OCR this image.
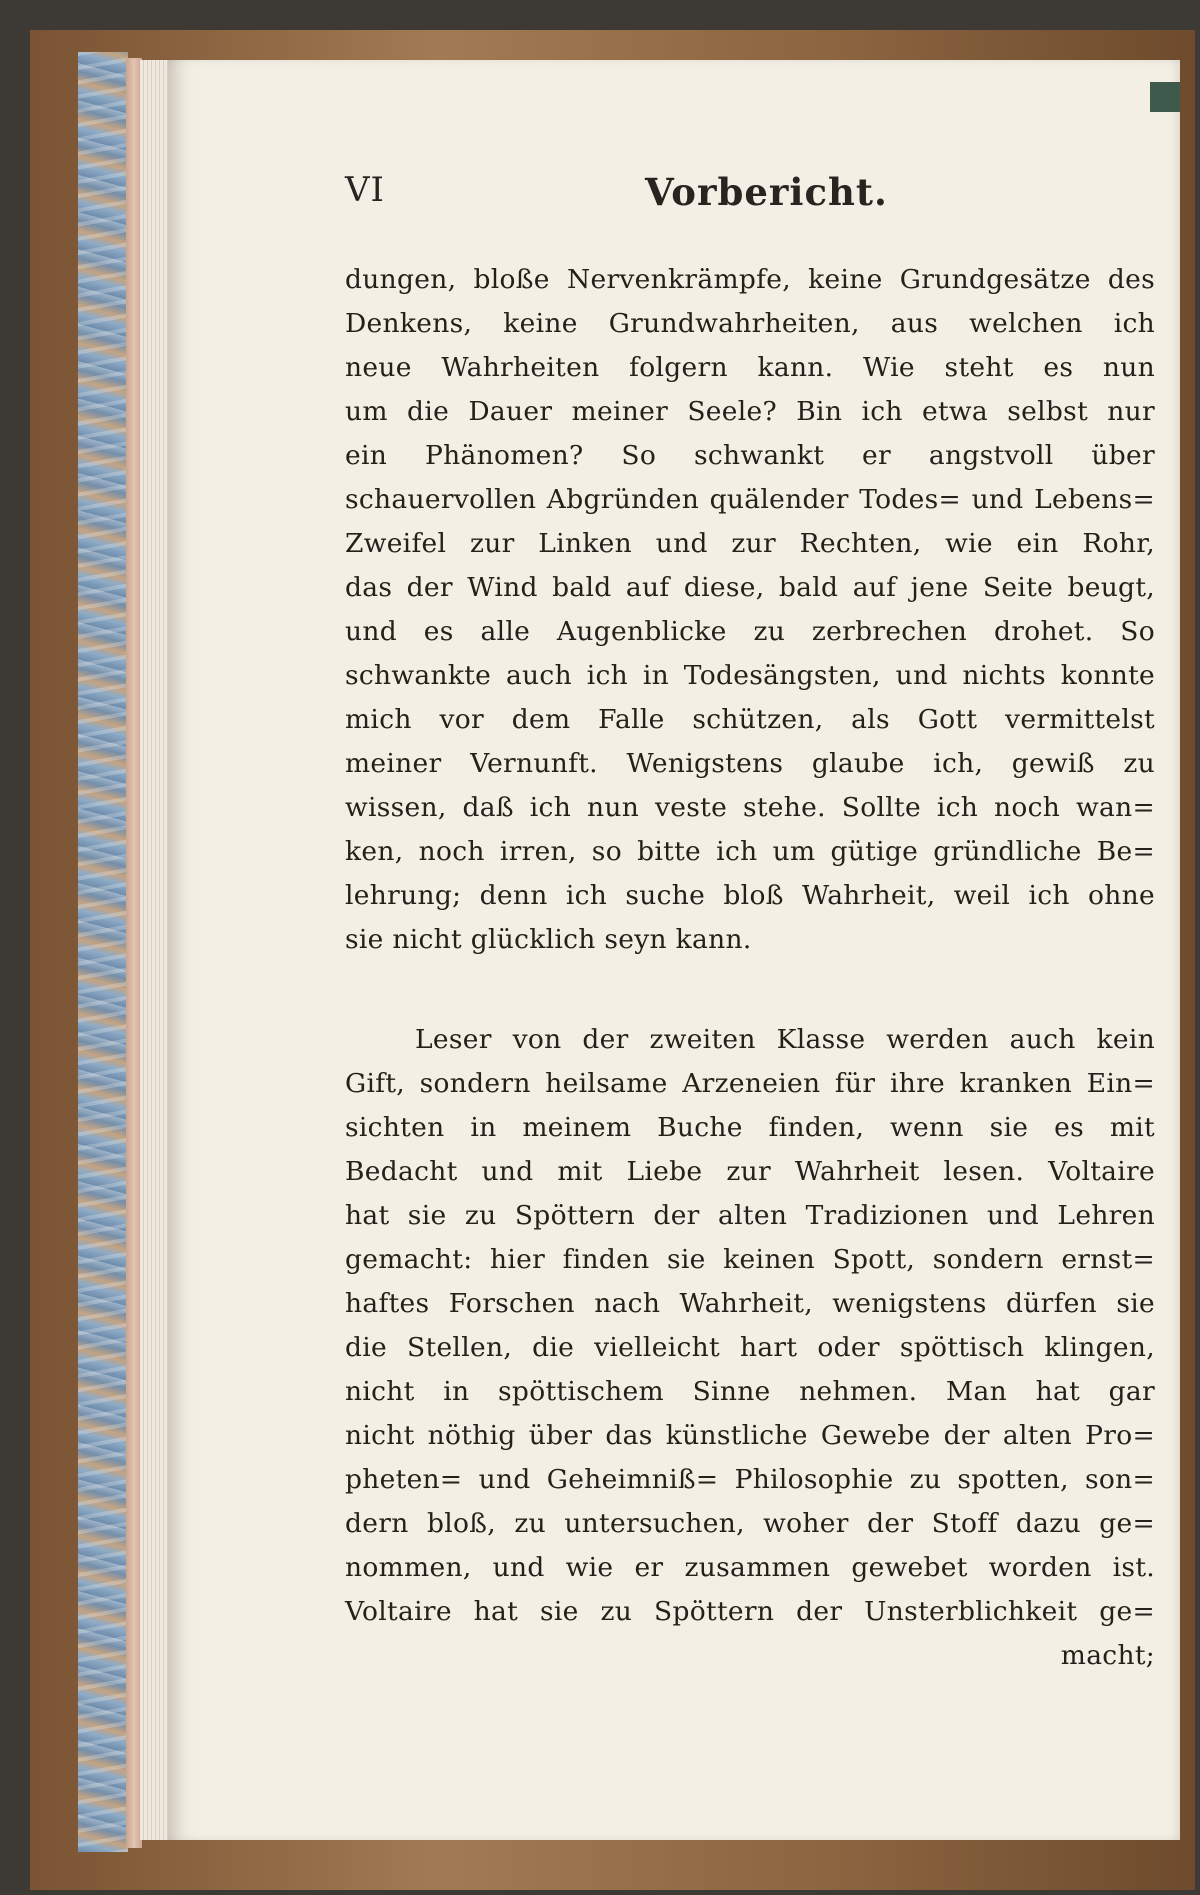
VI	Vorbericht.
dungen, bloße Nervenkrämpfe, keine Grundgesätze des
Denkens, keine Grundwahrheiten, aus welchen ich
neue Wahrheiten folgern kann. Wie steht es nun
um die Dauer meiner Seele? Bin ich etwa selbst nur
ein Phänomen? So schwankt er angstvoll über
schauervollen Abgründen quälender Todes= und Lebens=
Zweifel zur Linken und zur Rechten, wie ein Rohr,
das der Wind bald auf diese, bald auf jene Seite beugt,
und es alle Augenblicke zu zerbrechen drohet. So
schwankte auch ich in Todesängsten, und nichts konnte
mich vor dem Falle schützen, als Gott vermittelst
meiner Vernunft. Wenigstens glaube ich, gewiß zu
wissen, daß ich nun veste stehe. Sollte ich noch wan=
ken, noch irren, so bitte ich um gütige gründliche Be=
lehrung; denn ich suche bloß Wahrheit, weil ich ohne
sie nicht glücklich seyn kann.
Leser von der zweiten Klasse werden auch kein
Gift, sondern heilsame Arzeneien für ihre kranken Ein=
sichten in meinem Buche finden, wenn sie es mit
Bedacht und mit Liebe zur Wahrheit lesen. Voltaire
hat sie zu Spöttern der alten Tradizionen und Lehren
gemacht: hier finden sie keinen Spott, sondern ernst=
haftes Forschen nach Wahrheit, wenigstens dürfen sie
die Stellen, die vielleicht hart oder spöttisch klingen,
nicht in spöttischem Sinne nehmen. Man hat gar
nicht nöthig über das künstliche Gewebe der alten Pro=
pheten= und Geheimniß= Philosophie zu spotten, son=
dern bloß, zu untersuchen, woher der Stoff dazu ge=
nommen, und wie er zusammen gewebet worden ist.
Voltaire hat sie zu Spöttern der Unsterblichkeit ge=
macht;
